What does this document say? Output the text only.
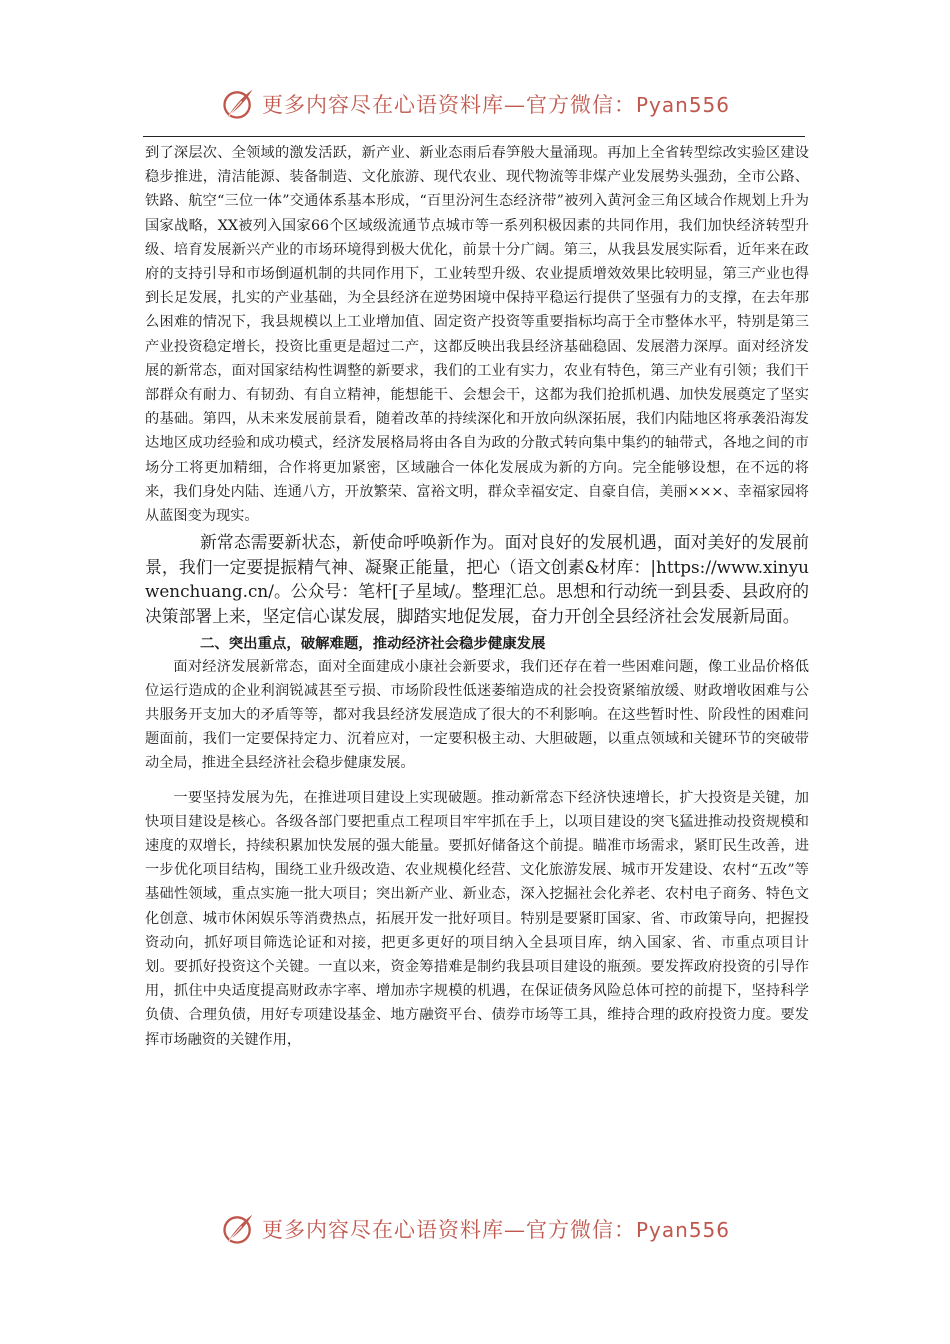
更多内容尽在心语资料库—官方微信：Pyan556

到了深层次、全领域的激发活跃，新产业、新业态雨后春笋般大量涌现。再加上全省转型综改实验区建设稳步推进，清洁能源、装备制造、文化旅游、现代农业、现代物流等非煤产业发展势头强劲，全市公路、铁路、航空“三位一体”交通体系基本形成，“百里汾河生态经济带”被列入黄河金三角区域合作规划上升为国家战略，XX被列入国家66个区域级流通节点城市等一系列积极因素的共同作用，我们加快经济转型升级、培育发展新兴产业的市场环境得到极大优化，前景十分广阔。第三，从我县发展实际看，近年来在政府的支持引导和市场倒逼机制的共同作用下，工业转型升级、农业提质增效效果比较明显，第三产业也得到长足发展，扎实的产业基础，为全县经济在逆势困境中保持平稳运行提供了坚强有力的支撑，在去年那么困难的情况下，我县规模以上工业增加值、固定资产投资等重要指标均高于全市整体水平，特别是第三产业投资稳定增长，投资比重更是超过二产，这都反映出我县经济基础稳固、发展潜力深厚。面对经济发展的新常态，面对国家结构性调整的新要求，我们的工业有实力，农业有特色，第三产业有引领；我们干部群众有耐力、有韧劲、有自立精神，能想能干、会想会干，这都为我们抢抓机遇、加快发展奠定了坚实的基础。第四，从未来发展前景看，随着改革的持续深化和开放向纵深拓展，我们内陆地区将承袭沿海发达地区成功经验和成功模式，经济发展格局将由各自为政的分散式转向集中集约的轴带式，各地之间的市场分工将更加精细，合作将更加紧密，区域融合一体化发展成为新的方向。完全能够设想，在不远的将来，我们身处内陆、连通八方，开放繁荣、富裕文明，群众幸福安定、自豪自信，美丽×××、幸福家园将从蓝图变为现实。

新常态需要新状态，新使命呼唤新作为。面对良好的发展机遇，面对美好的发展前景，我们一定要提振精气神、凝聚正能量，把心（语文创素&材库：|https://www.xinyuwenchuang.cn/。公众号：笔杆[子星域/。整理汇总。思想和行动统一到县委、县政府的决策部署上来，坚定信心谋发展，脚踏实地促发展，奋力开创全县经济社会发展新局面。

二、突出重点，破解难题，推动经济社会稳步健康发展

面对经济发展新常态，面对全面建成小康社会新要求，我们还存在着一些困难问题，像工业品价格低位运行造成的企业利润锐减甚至亏损、市场阶段性低迷萎缩造成的社会投资紧缩放缓、财政增收困难与公共服务开支加大的矛盾等等，都对我县经济发展造成了很大的不利影响。在这些暂时性、阶段性的困难问题面前，我们一定要保持定力、沉着应对，一定要积极主动、大胆破题，以重点领域和关键环节的突破带动全局，推进全县经济社会稳步健康发展。

一要坚持发展为先，在推进项目建设上实现破题。推动新常态下经济快速增长，扩大投资是关键，加快项目建设是核心。各级各部门要把重点工程项目牢牢抓在手上，以项目建设的突飞猛进推动投资规模和速度的双增长，持续积累加快发展的强大能量。要抓好储备这个前提。瞄准市场需求，紧盯民生改善，进一步优化项目结构，围绕工业升级改造、农业规模化经营、文化旅游发展、城市开发建设、农村“五改”等基础性领域，重点实施一批大项目；突出新产业、新业态，深入挖掘社会化养老、农村电子商务、特色文化创意、城市休闲娱乐等消费热点，拓展开发一批好项目。特别是要紧盯国家、省、市政策导向，把握投资动向，抓好项目筛选论证和对接，把更多更好的项目纳入全县项目库，纳入国家、省、市重点项目计划。要抓好投资这个关键。一直以来，资金筹措难是制约我县项目建设的瓶颈。要发挥政府投资的引导作用，抓住中央适度提高财政赤字率、增加赤字规模的机遇，在保证债务风险总体可控的前提下，坚持科学负债、合理负债，用好专项建设基金、地方融资平台、债券市场等工具，维持合理的政府投资力度。要发挥市场融资的关键作用，

更多内容尽在心语资料库—官方微信：Pyan556
